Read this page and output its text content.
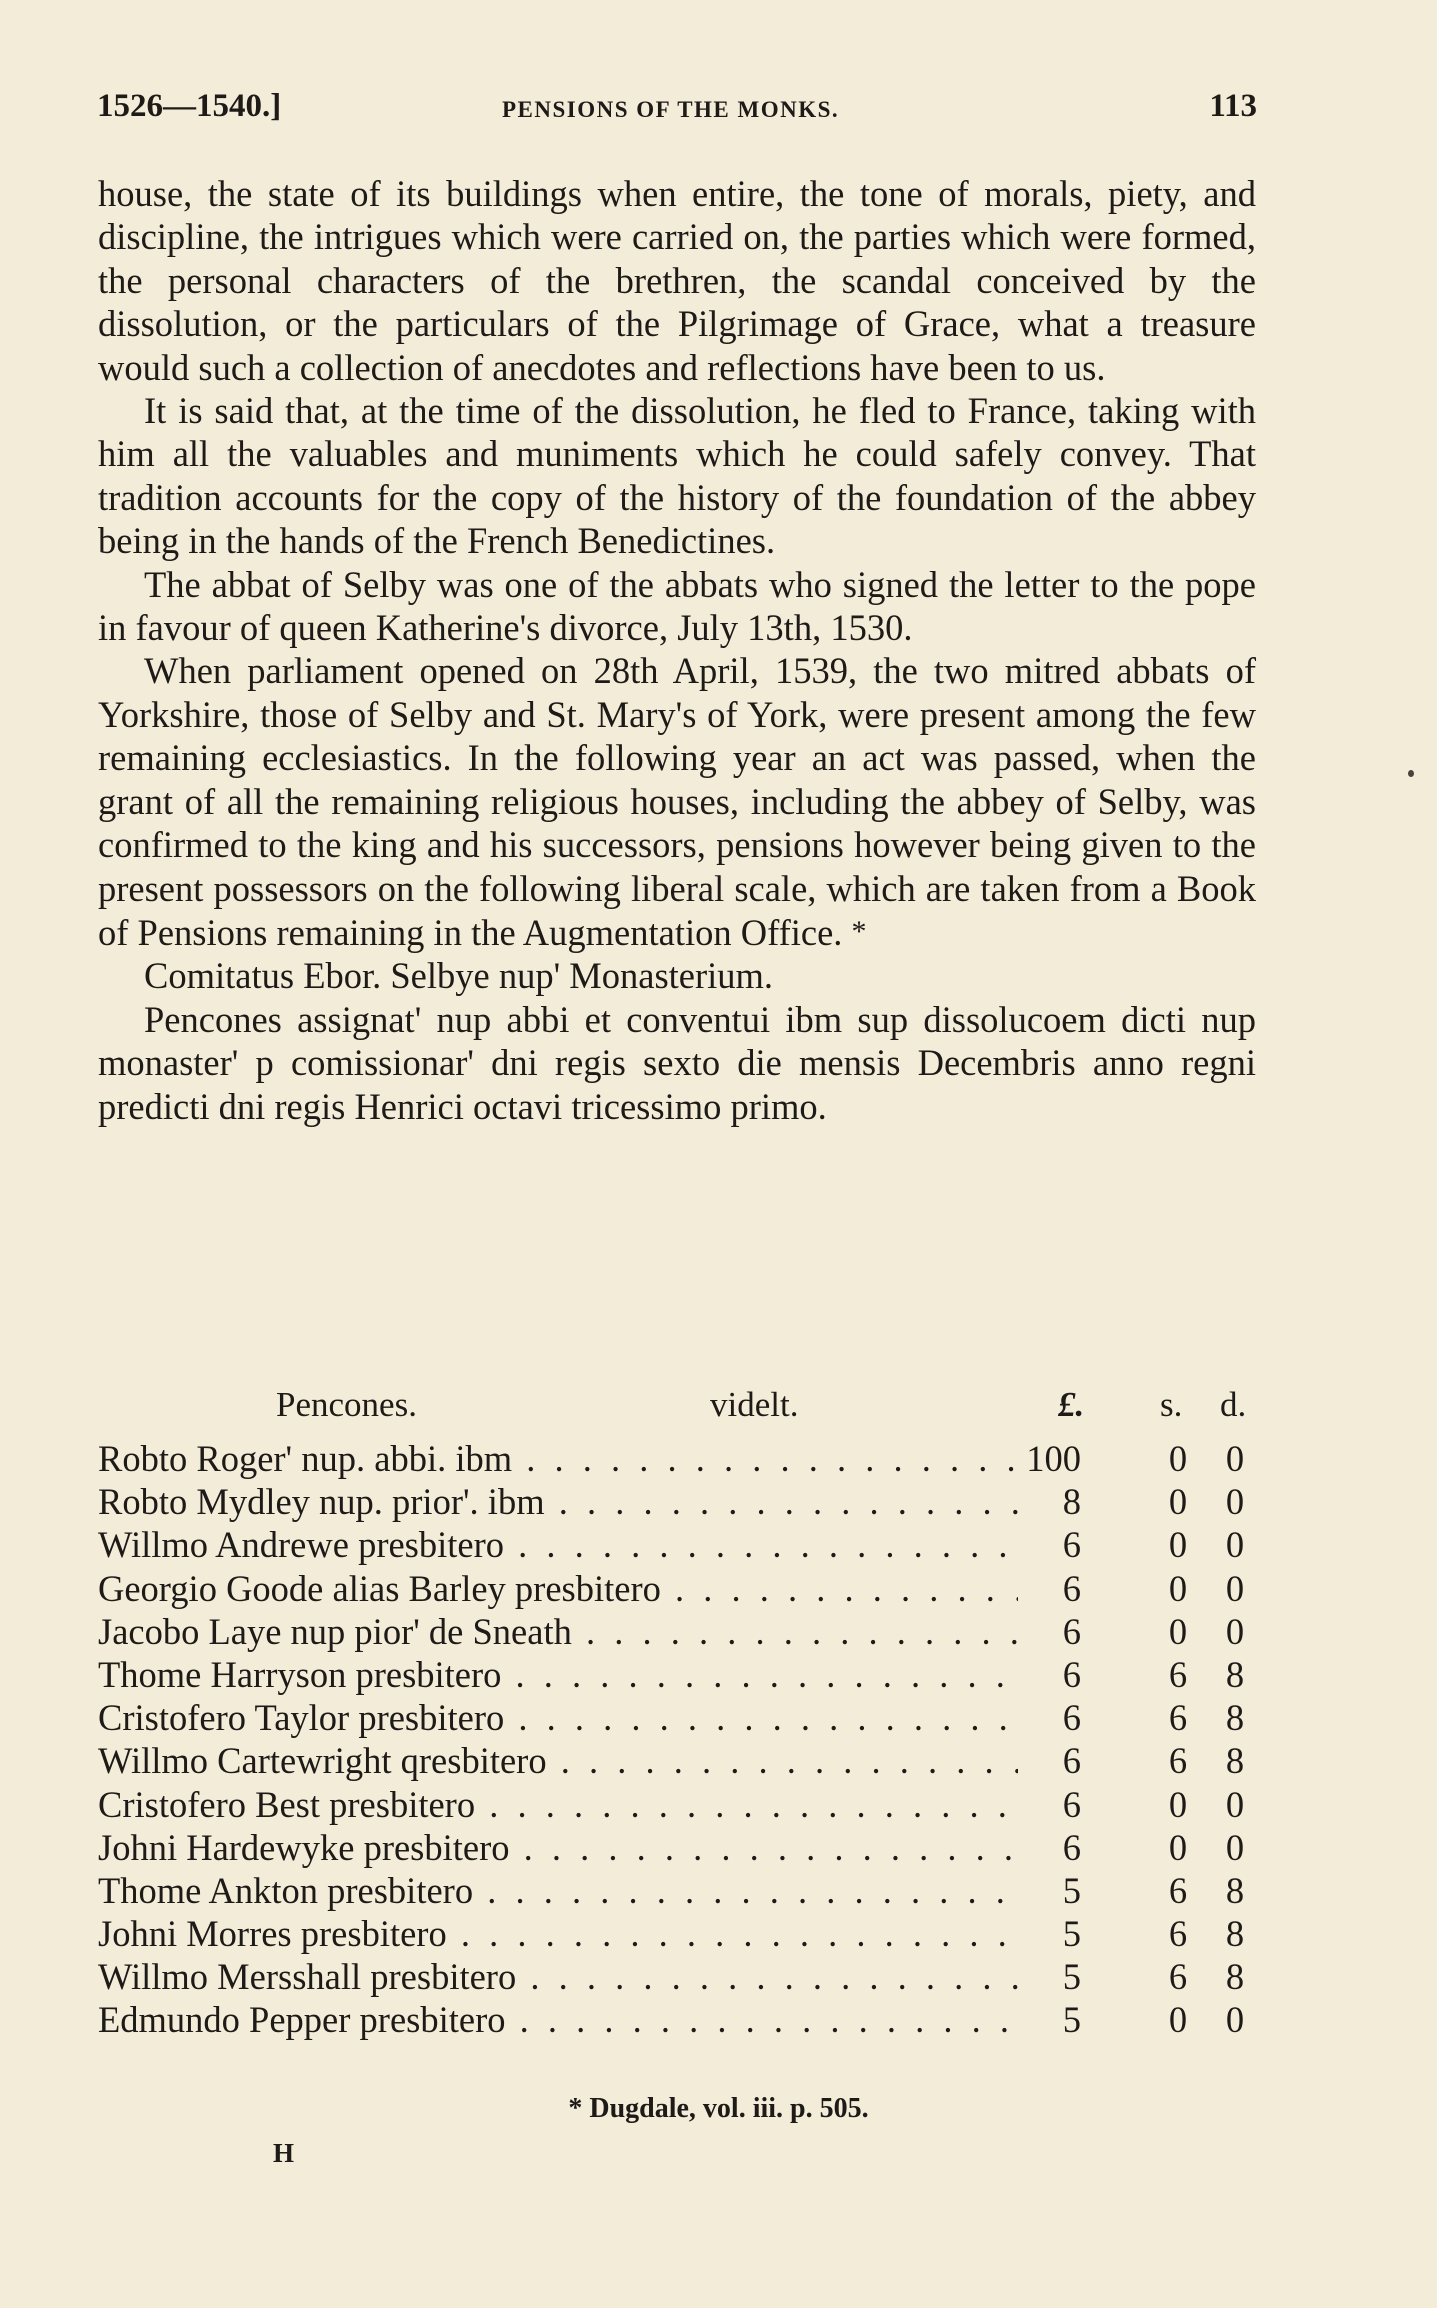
1526—1540.]	PENSIONS OF THE MONKS.	113

house, the state of its buildings when entire, the tone of morals, piety, and discipline, the intrigues which were carried on, the parties which were formed, the personal characters of the brethren, the scandal conceived by the dissolution, or the particulars of the Pilgrimage of Grace, what a treasure would such a collection of anecdotes and reflections have been to us.

It is said that, at the time of the dissolution, he fled to France, taking with him all the valuables and muniments which he could safely convey. That tradition accounts for the copy of the history of the foundation of the abbey being in the hands of the French Benedictines.

The abbat of Selby was one of the abbats who signed the letter to the pope in favour of queen Katherine's divorce, July 13th, 1530.

When parliament opened on 28th April, 1539, the two mitred abbats of Yorkshire, those of Selby and St. Mary's of York, were present among the few remaining ecclesiastics. In the following year an act was passed, when the grant of all the remaining religious houses, including the abbey of Selby, was confirmed to the king and his successors, pensions however being given to the present possessors on the following liberal scale, which are taken from a Book of Pensions remaining in the Augmentation Office. *

Comitatus Ebor. Selbye nup' Monasterium.

Pencones assignat' nup abbi et conventui ibm sup dissolucoem dicti nup monaster' p comissionar' dni regis sexto die mensis Decembris anno regni predicti dni regis Henrici octavi tricessimo primo.

Pencones.	videlt.	£. s. d.
Robto Roger' nup. abbi. ibm . . .	100 0 0
Robto Mydley nup. prior'. ibm . . .	8 0 0
Willmo Andrewe presbitero . . .	6 0 0
Georgio Goode alias Barley presbitero . . .	6 0 0
Jacobo Laye nup pior' de Sneath . . .	6 0 0
Thome Harryson presbitero . . .	6 6 8
Cristofero Taylor presbitero . . .	6 6 8
Willmo Cartewright qresbitero . . .	6 6 8
Cristofero Best presbitero . . .	6 0 0
Johni Hardewyke presbitero . . .	6 0 0
Thome Ankton presbitero . . .	5 6 8
Johni Morres presbitero . . .	5 6 8
Willmo Mersshall presbitero . . .	5 6 8
Edmundo Pepper presbitero . . .	5 0 0
* Dugdale, vol. iii. p. 505.
H
